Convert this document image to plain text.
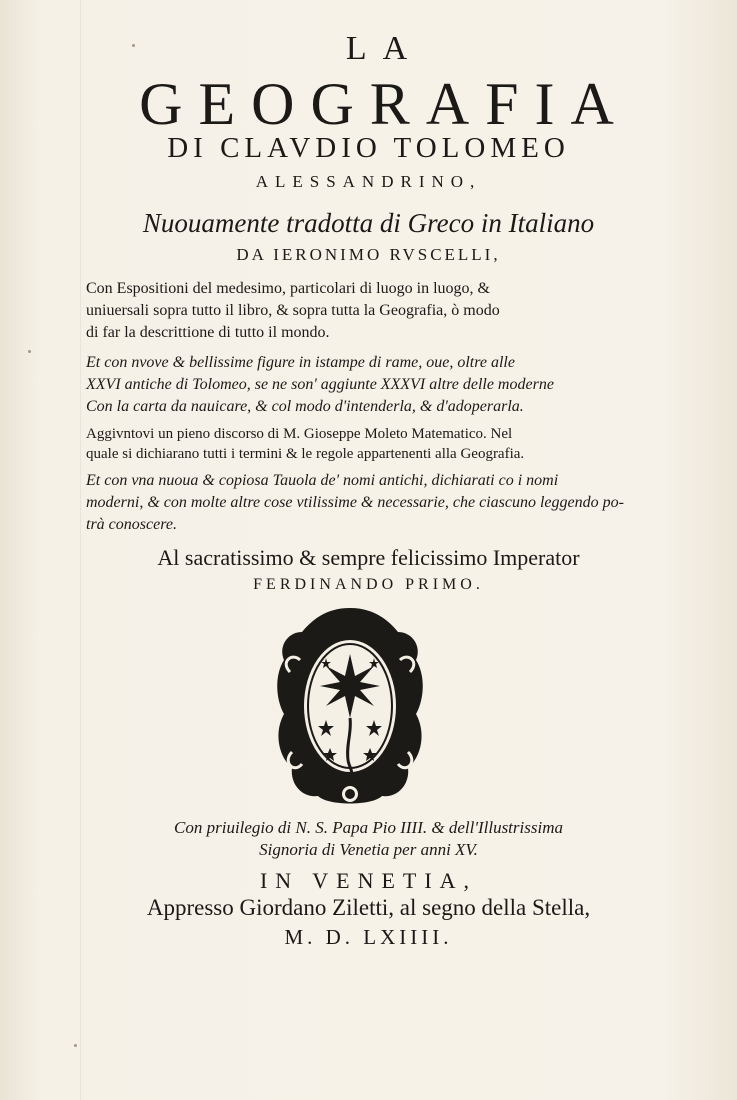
LA
GEOGRAFIA
DI CLAVDIO TOLOMEO
ALESSANDRINO,
Nuouamente tradotta di Greco in Italiano
DA IERONIMO RVSCELLI,
Con Espositioni del medesimo, particolari di luogo in luogo, &
uniuersali sopra tutto il libro, & sopra tutta la Geografia, ò modo
di far la descrittione di tutto il mondo.
Et con nvove & bellissime figure in istampe di rame, oue, oltre alle
XXVI antiche di Tolomeo, se ne son' aggiunte XXXVI altre delle moderne
Con la carta da nauicare, & col modo d'intenderla, & d'adoperarla.
Aggivntovi un pieno discorso di M. Gioseppe Moleto Matematico. Nel
quale si dichiarano tutti i termini & le regole appartenenti alla Geografia.
Et con vna nuoua & copiosa Tauola de' nomi antichi, dichiarati co i nomi
moderni, & con molte altre cose vtilissime & necessarie, che ciascuno leggendo po-
trà conoscere.
Al sacratissimo & sempre felicissimo Imperator
FERDINANDO PRIMO.
Con priuilegio di N. S. Papa Pio IIII. & dell'Illustrissima
Signoria di Venetia per anni XV.
IN VENETIA,
Appresso Giordano Ziletti, al segno della Stella,
M. D. LXIIII.
